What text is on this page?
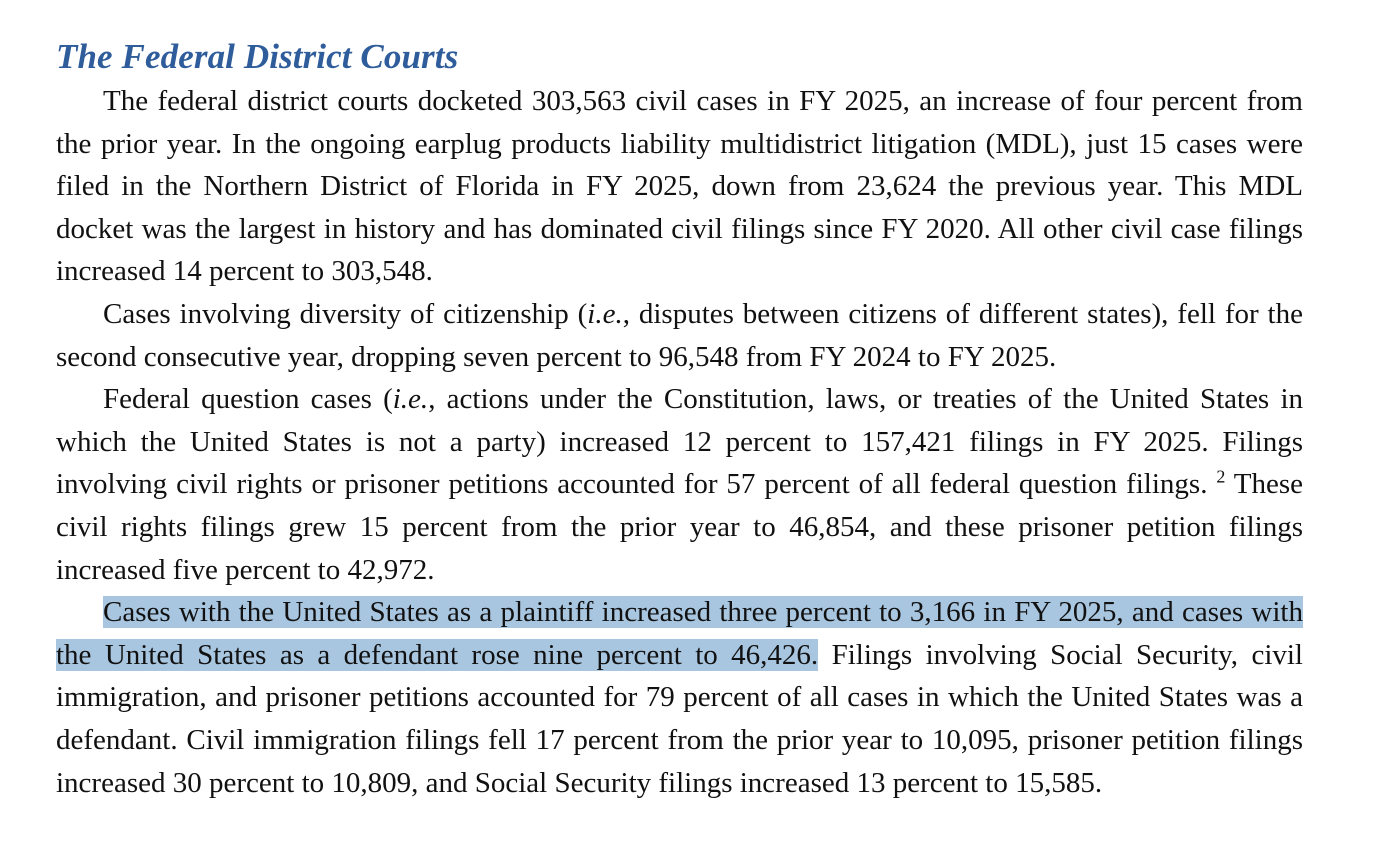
The Federal District Courts

The federal district courts docketed 303,563 civil cases in FY 2025, an increase of four percent from the prior year. In the ongoing earplug products liability multidistrict litigation (MDL), just 15 cases were filed in the Northern District of Florida in FY 2025, down from 23,624 the previous year. This MDL docket was the largest in history and has dominated civil filings since FY 2020. All other civil case filings increased 14 percent to 303,548.

Cases involving diversity of citizenship (i.e., disputes between citizens of different states), fell for the second consecutive year, dropping seven percent to 96,548 from FY 2024 to FY 2025.

Federal question cases (i.e., actions under the Constitution, laws, or treaties of the United States in which the United States is not a party) increased 12 percent to 157,421 filings in FY 2025. Filings involving civil rights or prisoner petitions accounted for 57 percent of all federal question filings. $^2$ These civil rights filings grew 15 percent from the prior year to 46,854, and these prisoner petition filings increased five percent to 42,972.

Cases with the United States as a plaintiff increased three percent to 3,166 in FY 2025, and cases with the United States as a defendant rose nine percent to 46,426. Filings involving Social Security, civil immigration, and prisoner petitions accounted for 79 percent of all cases in which the United States was a defendant. Civil immigration filings fell 17 percent from the prior year to 10,095, prisoner petition filings increased 30 percent to 10,809, and Social Security filings increased 13 percent to 15,585.
